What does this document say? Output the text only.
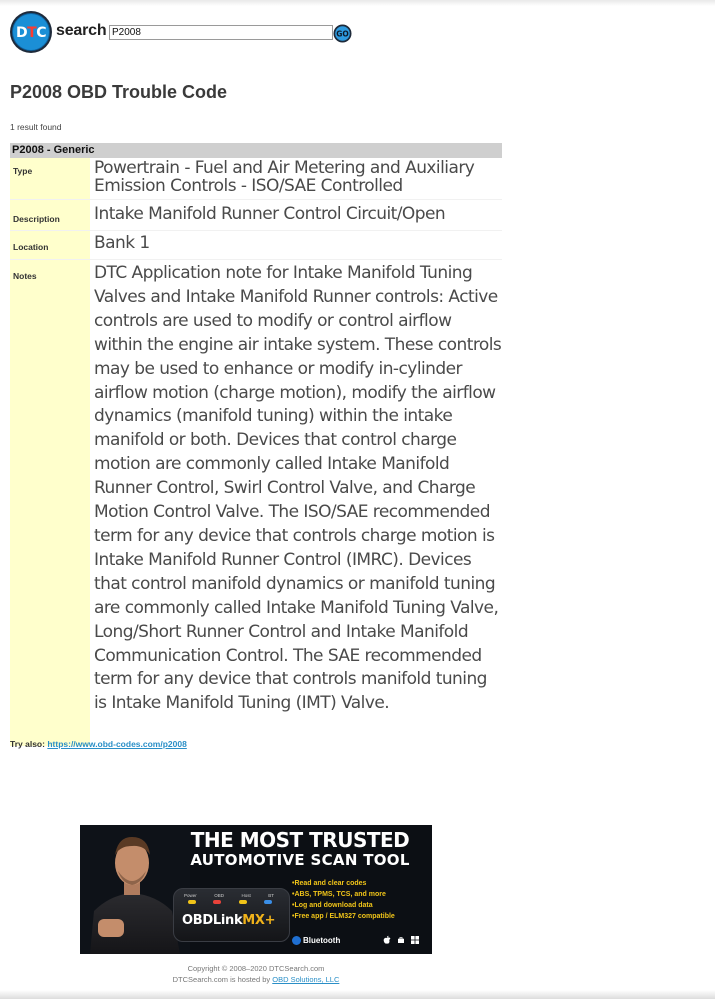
DTC search
P2008	GO
P2008 OBD Trouble Code
1 result found
P2008 - Generic
Type	Powertrain - Fuel and Air Metering and Auxiliary Emission Controls - ISO/SAE Controlled
Description	Intake Manifold Runner Control Circuit/Open
Location	Bank 1
Notes	DTC Application note for Intake Manifold Tuning Valves and Intake Manifold Runner controls: Active controls are used to modify or control airflow within the engine air intake system. These controls may be used to enhance or modify in-cylinder airflow motion (charge motion), modify the airflow dynamics (manifold tuning) within the intake manifold or both. Devices that control charge motion are commonly called Intake Manifold Runner Control, Swirl Control Valve, and Charge Motion Control Valve. The ISO/SAE recommended term for any device that controls charge motion is Intake Manifold Runner Control (IMRC). Devices that control manifold dynamics or manifold tuning are commonly called Intake Manifold Tuning Valve, Long/Short Runner Control and Intake Manifold Communication Control. The SAE recommended term for any device that controls manifold tuning is Intake Manifold Tuning (IMT) Valve.
Try also: https://www.obd-codes.com/p2008
THE MOST TRUSTED
AUTOMOTIVE SCAN TOOL
Power	OBD	Host	BT
OBDLinkMX+
• Read and clear codes
• ABS, TPMS, TCS, and more
• Log and download data
• Free app / ELM327 compatible
Bluetooth
Copyright © 2008–2020 DTCSearch.com
DTCSearch.com is hosted by OBD Solutions, LLC
